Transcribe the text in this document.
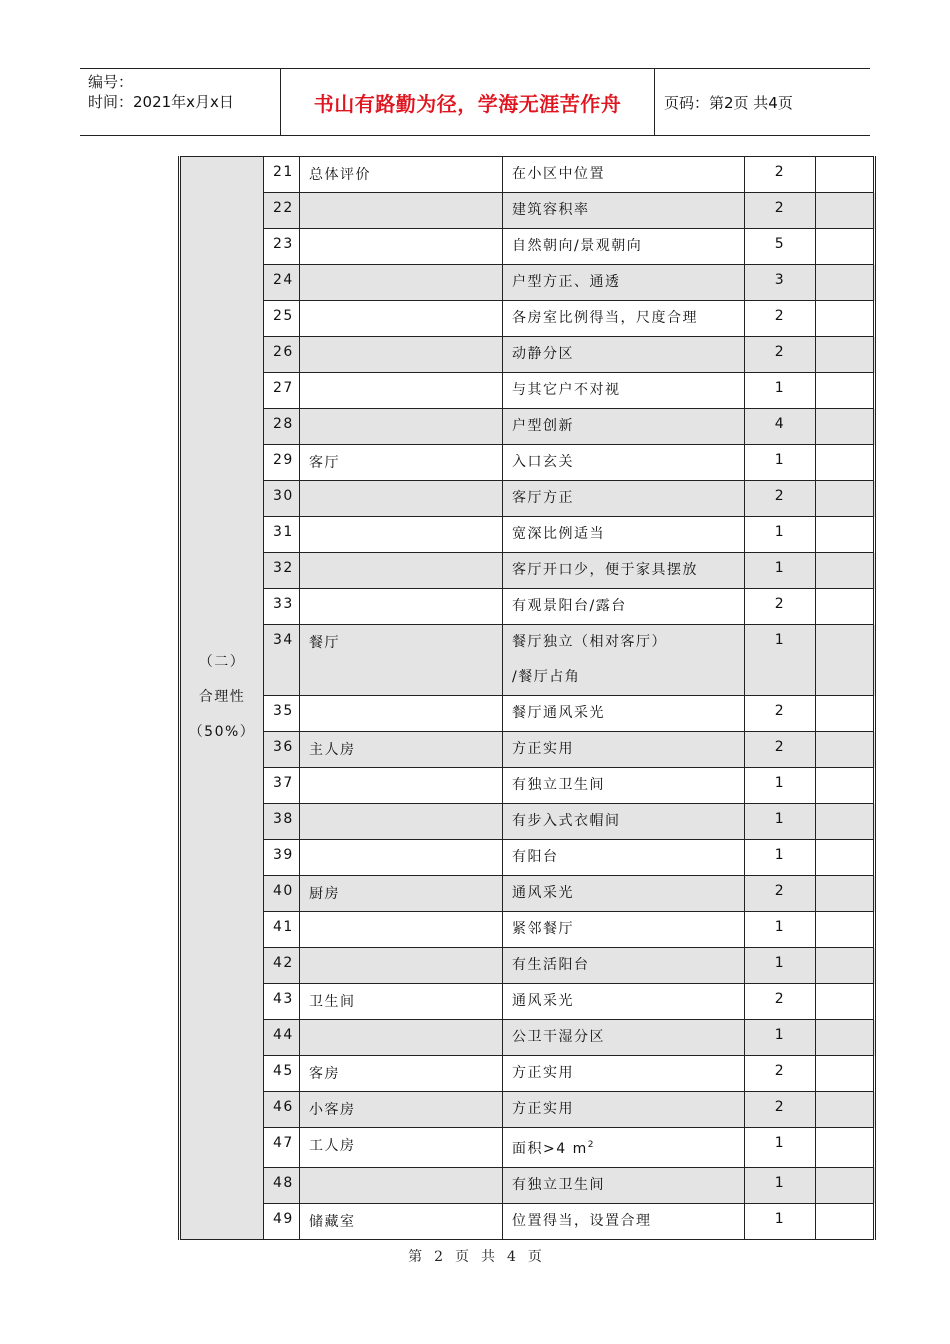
编号：
时间：2021年x月x日	书山有路勤为径，学海无涯苦作舟	页码：第2页 共4页
（二）
合理性
（50%）	21	总体评价	在小区中位置	2	
	22		建筑容积率	2	
	23		自然朝向/景观朝向	5	
	24		户型方正、通透	3	
	25		各房室比例得当，尺度合理	2	
	26		动静分区	2	
	27		与其它户不对视	1	
	28		户型创新	4	
	29	客厅	入口玄关	1	
	30		客厅方正	2	
	31		宽深比例适当	1	
	32		客厅开口少，便于家具摆放	1	
	33		有观景阳台/露台	2	
	34	餐厅	餐厅独立（相对客厅）
/餐厅占角	1	
	35		餐厅通风采光	2	
	36	主人房	方正实用	2	
	37		有独立卫生间	1	
	38		有步入式衣帽间	1	
	39		有阳台	1	
	40	厨房	通风采光	2	
	41		紧邻餐厅	1	
	42		有生活阳台	1	
	43	卫生间	通风采光	2	
	44		公卫干湿分区	1	
	45	客房	方正实用	2	
	46	小客房	方正实用	2	
	47	工人房	面积>4 $m^2$	1	
	48		有独立卫生间	1	
	49	储藏室	位置得当，设置合理	1	
第 2 页 共 4 页
